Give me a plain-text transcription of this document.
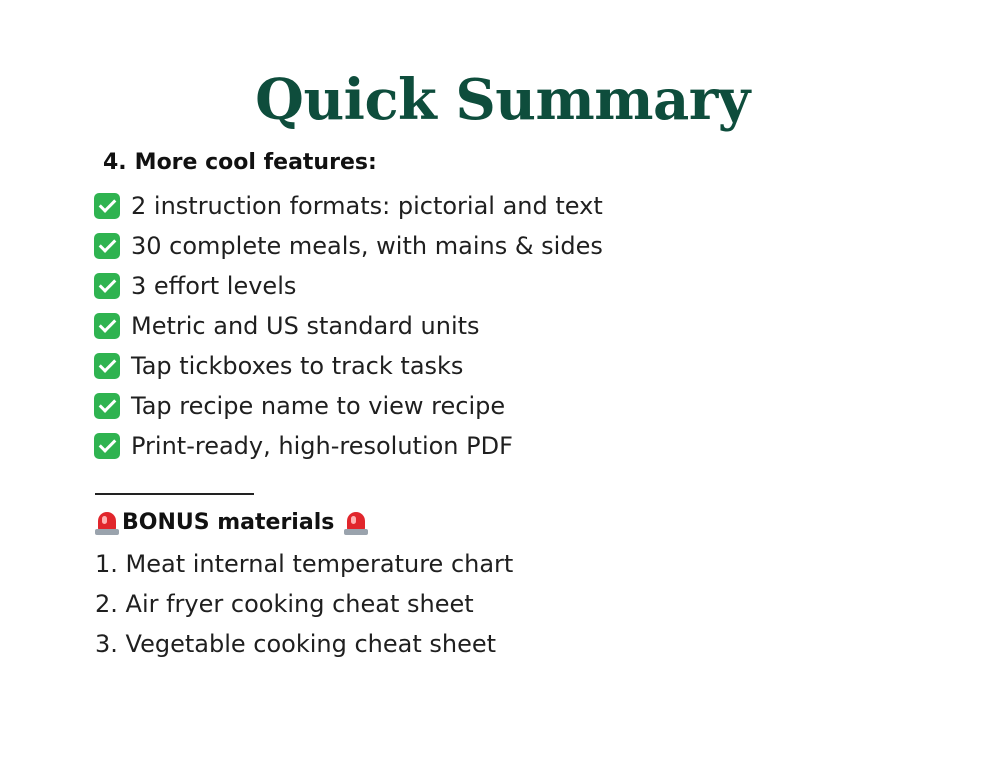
Quick Summary
4. More cool features:
2 instruction formats: pictorial and text
30 complete meals, with mains & sides
3 effort levels
Metric and US standard units
Tap tickboxes to track tasks
Tap recipe name to view recipe
Print-ready, high-resolution PDF
BONUS materials
1. Meat internal temperature chart
2. Air fryer cooking cheat sheet
3. Vegetable cooking cheat sheet
